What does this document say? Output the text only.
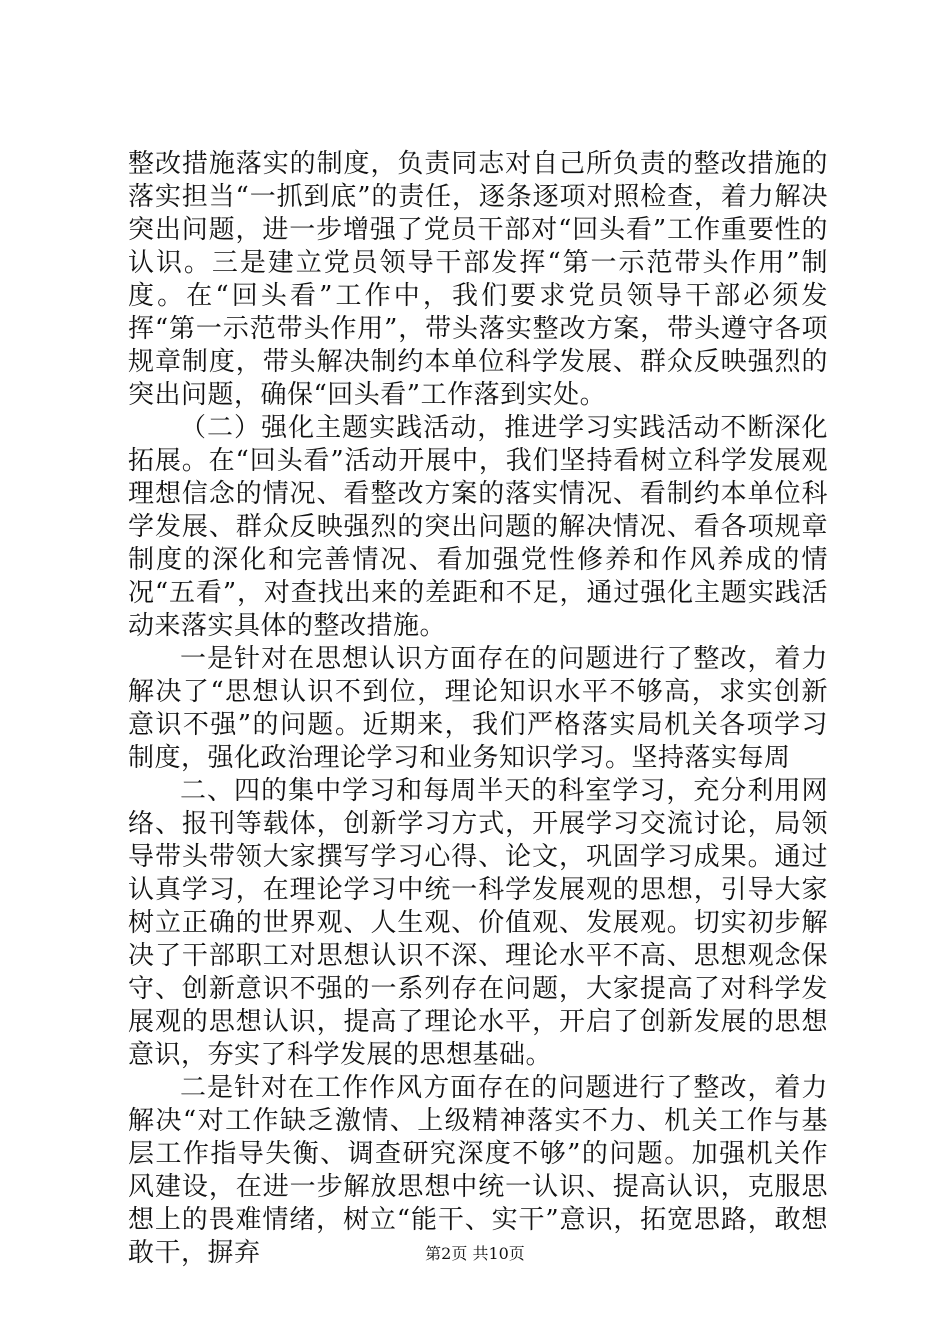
整改措施落实的制度，负责同志对自己所负责的整改措施的落实担当“一抓到底”的责任，逐条逐项对照检查，着力解决突出问题，进一步增强了党员干部对“回头看”工作重要性的认识。三是建立党员领导干部发挥“第一示范带头作用”制度。在“回头看”工作中，我们要求党员领导干部必须发挥“第一示范带头作用”，带头落实整改方案，带头遵守各项规章制度，带头解决制约本单位科学发展、群众反映强烈的突出问题，确保“回头看”工作落到实处。

（二）强化主题实践活动，推进学习实践活动不断深化拓展。在“回头看”活动开展中，我们坚持看树立科学发展观理想信念的情况、看整改方案的落实情况、看制约本单位科学发展、群众反映强烈的突出问题的解决情况、看各项规章制度的深化和完善情况、看加强党性修养和作风养成的情况“五看”，对查找出来的差距和不足，通过强化主题实践活动来落实具体的整改措施。

一是针对在思想认识方面存在的问题进行了整改，着力解决了“思想认识不到位，理论知识水平不够高，求实创新意识不强”的问题。近期来，我们严格落实局机关各项学习制度，强化政治理论学习和业务知识学习。坚持落实每周

二、四的集中学习和每周半天的科室学习，充分利用网络、报刊等载体，创新学习方式，开展学习交流讨论，局领导带头带领大家撰写学习心得、论文，巩固学习成果。通过认真学习，在理论学习中统一科学发展观的思想，引导大家树立正确的世界观、人生观、价值观、发展观。切实初步解决了干部职工对思想认识不深、理论水平不高、思想观念保守、创新意识不强的一系列存在问题，大家提高了对科学发展观的思想认识，提高了理论水平，开启了创新发展的思想意识，夯实了科学发展的思想基础。

二是针对在工作作风方面存在的问题进行了整改，着力解决“对工作缺乏激情、上级精神落实不力、机关工作与基层工作指导失衡、调查研究深度不够”的问题。加强机关作风建设，在进一步解放思想中统一认识、提高认识，克服思想上的畏难情绪，树立“能干、实干”意识，拓宽思路，敢想敢干，摒弃	第2页 共10页
